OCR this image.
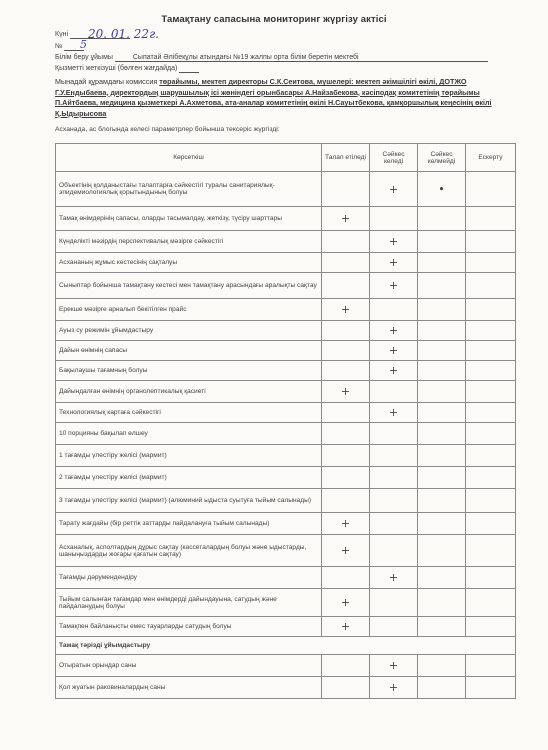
Тамақтану сапасына мониторинг жүргізу актісі
Күні	20. 01. 22г.
№	5
Білім беру ұйымы	Сыпатай Әлібекұлы атындағы №19 жалпы орта білім беретін мектебі
Қызметті жеткізуші (бөлген жағдайда)
Мынадай құрамдағы комиссия төрайымы, мектеп директоры С.К.Сеитова, мүшелері: мектеп әкімшілігі өкілі, ДОТЖО Г.У.Ендыбаева, директордың шаруашылық ісі жөніндегі орынбасары А.Найзабекова, кәсіподақ комитетінің төрайымы П.Айтбаева, медицина қызметкері А.Ахметова, ата-аналар комитетінің өкілі Н.Сауытбекова, қамқоршылық кеңесінің өкілі Қ.Ыдырысова
Асханада, ас блогында келесі параметрлер бойынша тексеріс жүргізді:
Көрсеткіш	Талап етіледі	Сәйкес келеді	Сәйкес келмейді	Ескерту
Объектінің қолданыстағы талаптарға сәйкестігі туралы санитариялық-эпидемиологиялық қорытындының болуы		+	•	
Тамақ өнімдерінің сапасы, оларды тасымалдау, жеткізу, түсіру шарттары	+			
Күнделікті мәзірдің перспективалық мәзірге сәйкестігі		+		
Асхананың жұмыс кестесінің сақталуы		+		
Сыныптар бойынша тамақтану кестесі мен тамақтану арасындағы аралықты сақтау		+		
Ерекше мәзірге арналып бекітілген прайс	+			
Ауыз су режимін ұйымдастыру		+		
Дайын өнімнің сапасы		+		
Бақылаушы тағамның болуы		+		
Дайындалған өнімнің органолептикалық қасиеті	+			
Технологиялық картаға сәйкестігі		+		
10 порцияны бақылап өлшеу				
1 тағамды үлестіру желісі (мармит)				
2 тағамды үлестіру желісі (мармит)				
3 тағамды үлестіру желісі (мармит) (алюминий ыдыста суытуға тыйым салынады)				
Тарату жағдайы (бір реттік заттарды пайдалануға тыйым салынады)	+			
Асханалық, асполтардың дұрыс сақтау (кассеталардың болуы және ыдыстарды, шаныңыздарды жоғары қағатын сақтау)	+			
Тағамды дәрумендендіру		+		
Тыйым салынған тағамдар мен өнімдерді дайындауына, сатудың және пайдаланудың болуы	+			
Тамақпен байланысты емес тауарларды сатудың болуы	+			
Тамақ тәрізді ұйымдастыру				
Отыратын орындар саны		+		
Қол жуатын раковиналардың саны		+		
